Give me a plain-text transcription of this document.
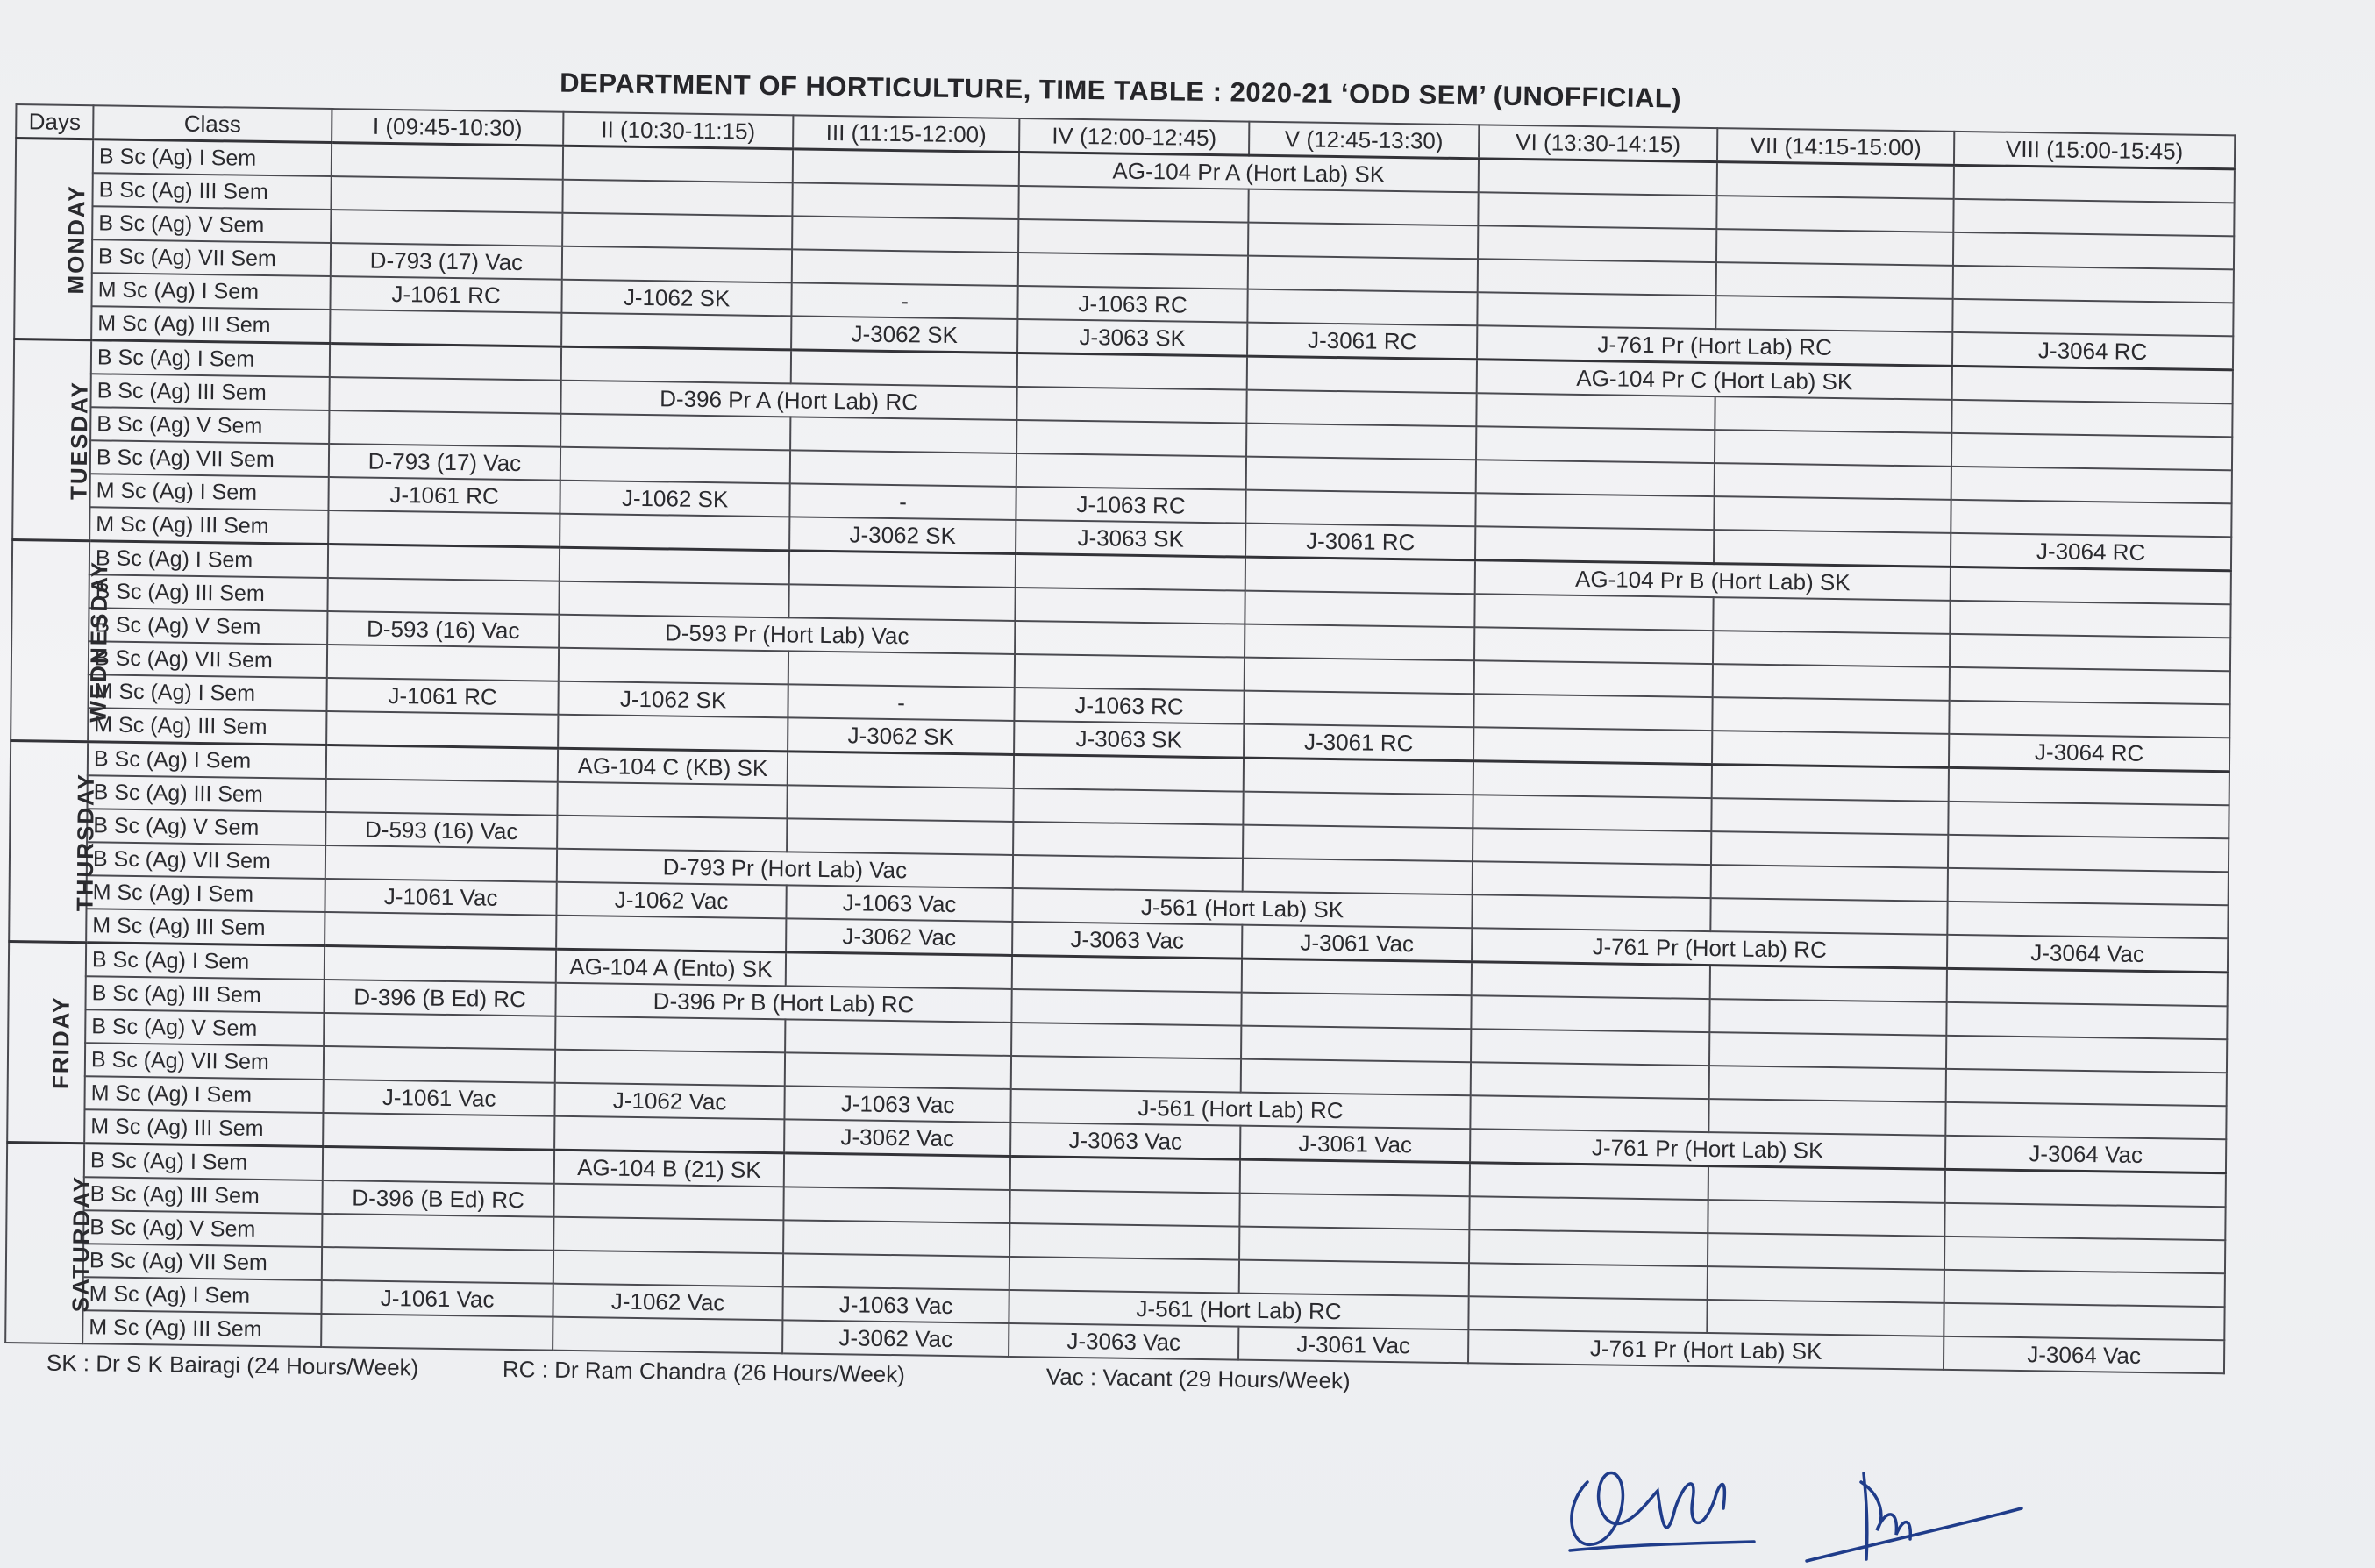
DEPARTMENT OF HORTICULTURE, TIME TABLE : 2020-21 ‘ODD SEM’ (UNOFFICIAL)
Days	Class	I (09:45-10:30)	II (10:30-11:15)	III (11:15-12:00)	IV (12:00-12:45)	V (12:45-13:30)	VI (13:30-14:15)	VII (14:15-15:00)	VIII (15:00-15:45)
MONDAY	B Sc (Ag) I Sem				AG-104 Pr A (Hort Lab) SK				
	B Sc (Ag) III Sem								
	B Sc (Ag) V Sem								
	B Sc (Ag) VII Sem	D-793 (17) Vac							
	M Sc (Ag) I Sem	J-1061 RC	J-1062 SK	-	J-1063 RC				
	M Sc (Ag) III Sem			J-3062 SK	J-3063 SK	J-3061 RC	J-761 Pr (Hort Lab) RC		J-3064 RC
TUESDAY	B Sc (Ag) I Sem						AG-104 Pr C (Hort Lab) SK		
	B Sc (Ag) III Sem		D-396 Pr A (Hort Lab) RC						
	B Sc (Ag) V Sem								
	B Sc (Ag) VII Sem	D-793 (17) Vac							
	M Sc (Ag) I Sem	J-1061 RC	J-1062 SK	-	J-1063 RC				
	M Sc (Ag) III Sem			J-3062 SK	J-3063 SK	J-3061 RC			J-3064 RC
WEDNESDAY	B Sc (Ag) I Sem						AG-104 Pr B (Hort Lab) SK		
	B Sc (Ag) III Sem								
	B Sc (Ag) V Sem	D-593 (16) Vac	D-593 Pr (Hort Lab) Vac						
	B Sc (Ag) VII Sem								
	M Sc (Ag) I Sem	J-1061 RC	J-1062 SK	-	J-1063 RC				
	M Sc (Ag) III Sem			J-3062 SK	J-3063 SK	J-3061 RC			J-3064 RC
THURSDAY	B Sc (Ag) I Sem		AG-104 C (KB) SK						
	B Sc (Ag) III Sem								
	B Sc (Ag) V Sem	D-593 (16) Vac							
	B Sc (Ag) VII Sem		D-793 Pr (Hort Lab) Vac						
	M Sc (Ag) I Sem	J-1061 Vac	J-1062 Vac	J-1063 Vac	J-561 (Hort Lab) SK				
	M Sc (Ag) III Sem			J-3062 Vac	J-3063 Vac	J-3061 Vac	J-761 Pr (Hort Lab) RC		J-3064 Vac
FRIDAY	B Sc (Ag) I Sem		AG-104 A (Ento) SK						
	B Sc (Ag) III Sem	D-396 (B Ed) RC	D-396 Pr B (Hort Lab) RC						
	B Sc (Ag) V Sem								
	B Sc (Ag) VII Sem								
	M Sc (Ag) I Sem	J-1061 Vac	J-1062 Vac	J-1063 Vac	J-561 (Hort Lab) RC				
	M Sc (Ag) III Sem			J-3062 Vac	J-3063 Vac	J-3061 Vac	J-761 Pr (Hort Lab) SK		J-3064 Vac
SATURDAY	B Sc (Ag) I Sem		AG-104 B (21) SK						
	B Sc (Ag) III Sem	D-396 (B Ed) RC							
	B Sc (Ag) V Sem								
	B Sc (Ag) VII Sem								
	M Sc (Ag) I Sem	J-1061 Vac	J-1062 Vac	J-1063 Vac	J-561 (Hort Lab) RC				
	M Sc (Ag) III Sem			J-3062 Vac	J-3063 Vac	J-3061 Vac	J-761 Pr (Hort Lab) SK		J-3064 Vac
SK : Dr S K Bairagi (24 Hours/Week)	RC : Dr Ram Chandra (26 Hours/Week)	Vac : Vacant (29 Hours/Week)
